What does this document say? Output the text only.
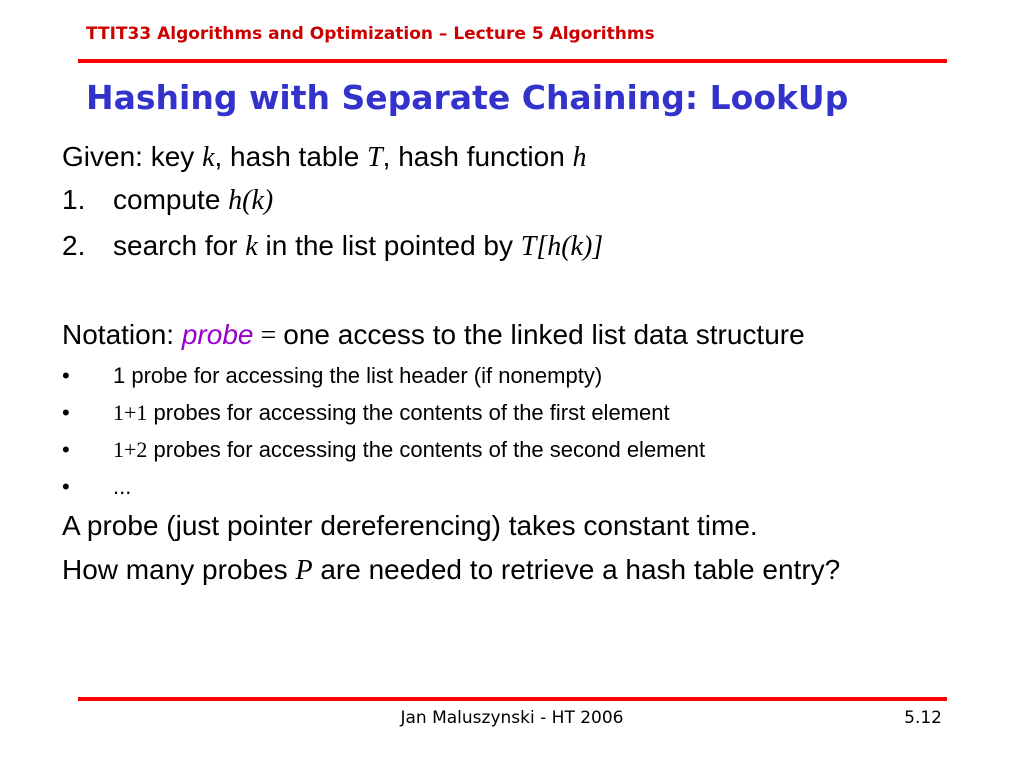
TTIT33 Algorithms and Optimization – Lecture 5 Algorithms
Hashing with Separate Chaining: LookUp
Given: key k, hash table T, hash function h
1. compute h(k)
2. search for k in the list pointed by T[h(k)]
Notation: probe = one access to the linked list data structure
• 1 probe for accessing the list header (if nonempty)
• 1+1 probes for accessing the contents of the first element
• 1+2 probes for accessing the contents of the second element
• ...
A probe (just pointer dereferencing) takes constant time.
How many probes P are needed to retrieve a hash table entry?
Jan Maluszynski - HT 2006	5.12
